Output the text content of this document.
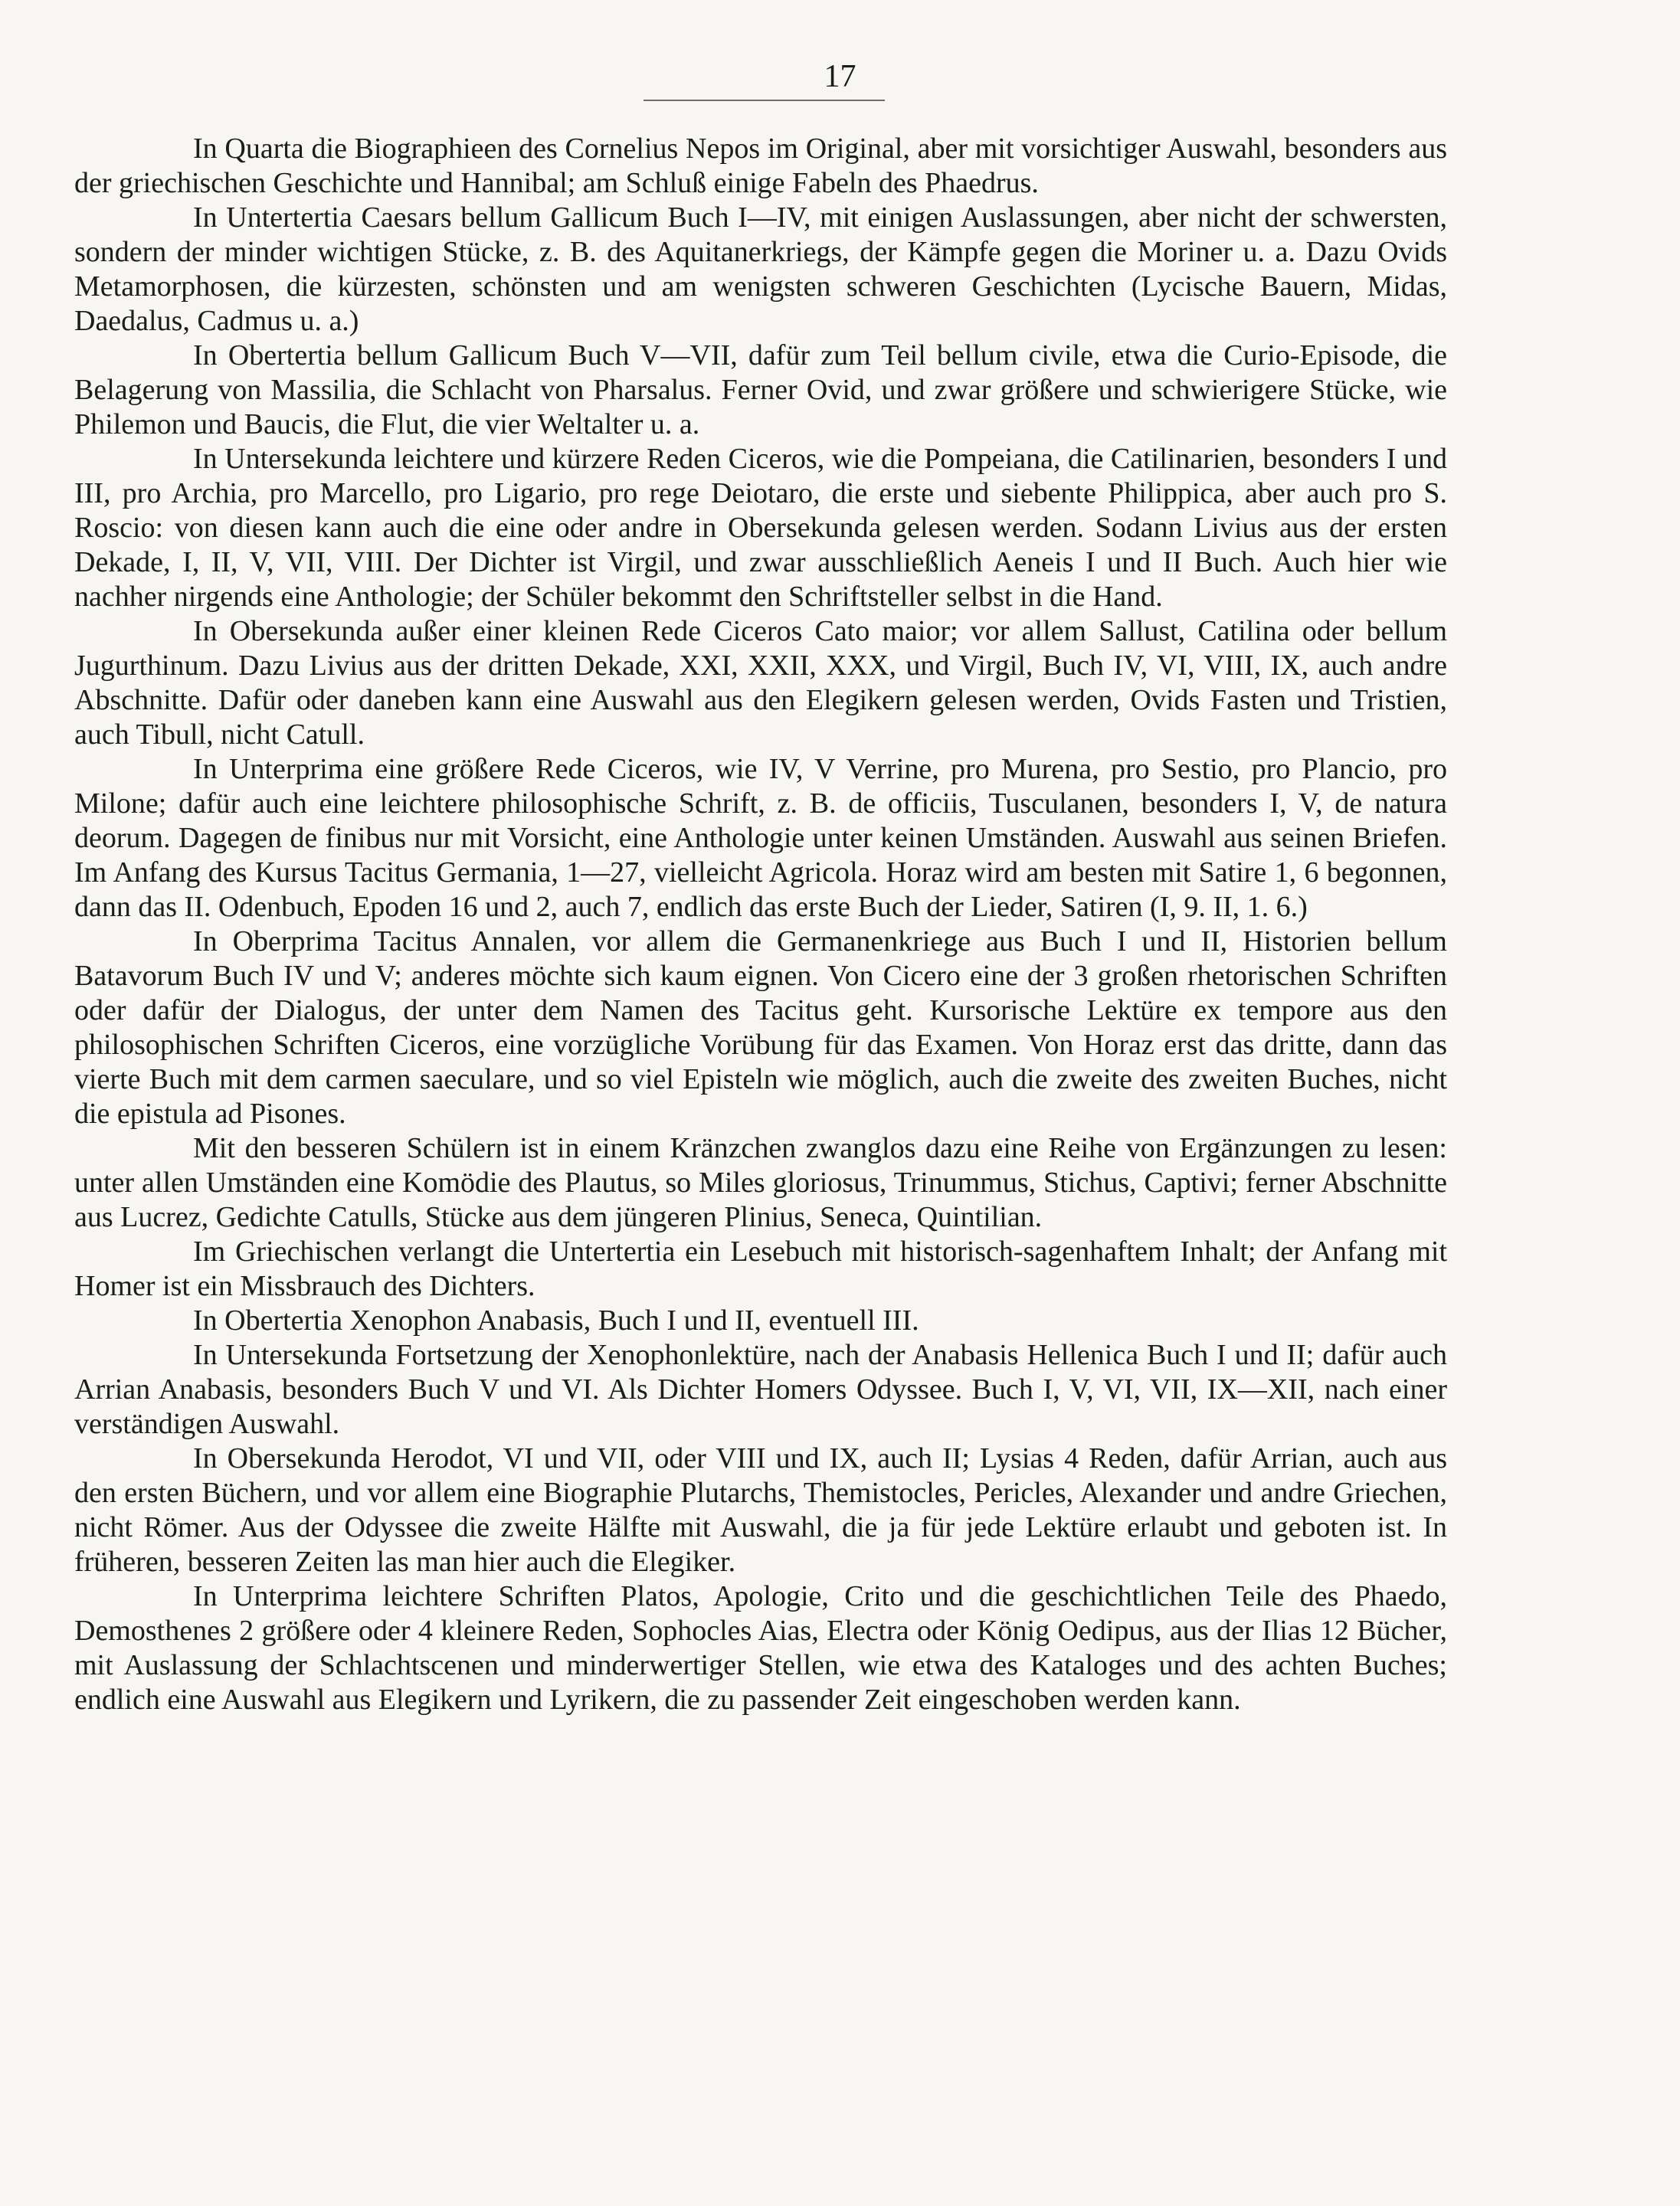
17

In Quarta die Biographieen des Cornelius Nepos im Original, aber mit vorsichtiger Auswahl, besonders aus der griechischen Geschichte und Hannibal; am Schluß einige Fabeln des Phaedrus.

In Untertertia Caesars bellum Gallicum Buch I—IV, mit einigen Auslassungen, aber nicht der schwersten, sondern der minder wichtigen Stücke, z. B. des Aquitanerkriegs, der Kämpfe gegen die Moriner u. a. Dazu Ovids Metamorphosen, die kürzesten, schönsten und am wenigsten schweren Geschichten (Lycische Bauern, Midas, Daedalus, Cadmus u. a.)

In Obertertia bellum Gallicum Buch V—VII, dafür zum Teil bellum civile, etwa die Curio-Episode, die Belagerung von Massilia, die Schlacht von Pharsalus. Ferner Ovid, und zwar größere und schwierigere Stücke, wie Philemon und Baucis, die Flut, die vier Weltalter u. a.

In Untersekunda leichtere und kürzere Reden Ciceros, wie die Pompeiana, die Catilinarien, besonders I und III, pro Archia, pro Marcello, pro Ligario, pro rege Deiotaro, die erste und siebente Philippica, aber auch pro S. Roscio: von diesen kann auch die eine oder andre in Obersekunda gelesen werden. Sodann Livius aus der ersten Dekade, I, II, V, VII, VIII. Der Dichter ist Virgil, und zwar ausschließlich Aeneis I und II Buch. Auch hier wie nachher nirgends eine Anthologie; der Schüler bekommt den Schriftsteller selbst in die Hand.

In Obersekunda außer einer kleinen Rede Ciceros Cato maior; vor allem Sallust, Catilina oder bellum Jugurthinum. Dazu Livius aus der dritten Dekade, XXI, XXII, XXX, und Virgil, Buch IV, VI, VIII, IX, auch andre Abschnitte. Dafür oder daneben kann eine Auswahl aus den Elegikern gelesen werden, Ovids Fasten und Tristien, auch Tibull, nicht Catull.

In Unterprima eine größere Rede Ciceros, wie IV, V Verrine, pro Murena, pro Sestio, pro Plancio, pro Milone; dafür auch eine leichtere philosophische Schrift, z. B. de officiis, Tusculanen, besonders I, V, de natura deorum. Dagegen de finibus nur mit Vorsicht, eine Anthologie unter keinen Umständen. Auswahl aus seinen Briefen. Im Anfang des Kursus Tacitus Germania, 1—27, vielleicht Agricola. Horaz wird am besten mit Satire 1, 6 begonnen, dann das II. Odenbuch, Epoden 16 und 2, auch 7, endlich das erste Buch der Lieder, Satiren (I, 9. II, 1. 6.)

In Oberprima Tacitus Annalen, vor allem die Germanenkriege aus Buch I und II, Historien bellum Batavorum Buch IV und V; anderes möchte sich kaum eignen. Von Cicero eine der 3 großen rhetorischen Schriften oder dafür der Dialogus, der unter dem Namen des Tacitus geht. Kursorische Lektüre ex tempore aus den philosophischen Schriften Ciceros, eine vorzügliche Vorübung für das Examen. Von Horaz erst das dritte, dann das vierte Buch mit dem carmen saeculare, und so viel Episteln wie möglich, auch die zweite des zweiten Buches, nicht die epistula ad Pisones.

Mit den besseren Schülern ist in einem Kränzchen zwanglos dazu eine Reihe von Ergänzungen zu lesen: unter allen Umständen eine Komödie des Plautus, so Miles gloriosus, Trinummus, Stichus, Captivi; ferner Abschnitte aus Lucrez, Gedichte Catulls, Stücke aus dem jüngeren Plinius, Seneca, Quintilian.

Im Griechischen verlangt die Untertertia ein Lesebuch mit historisch-sagenhaftem Inhalt; der Anfang mit Homer ist ein Missbrauch des Dichters.

In Obertertia Xenophon Anabasis, Buch I und II, eventuell III.

In Untersekunda Fortsetzung der Xenophonlektüre, nach der Anabasis Hellenica Buch I und II; dafür auch Arrian Anabasis, besonders Buch V und VI. Als Dichter Homers Odyssee. Buch I, V, VI, VII, IX—XII, nach einer verständigen Auswahl.

In Obersekunda Herodot, VI und VII, oder VIII und IX, auch II; Lysias 4 Reden, dafür Arrian, auch aus den ersten Büchern, und vor allem eine Biographie Plutarchs, Themistocles, Pericles, Alexander und andre Griechen, nicht Römer. Aus der Odyssee die zweite Hälfte mit Auswahl, die ja für jede Lektüre erlaubt und geboten ist. In früheren, besseren Zeiten las man hier auch die Elegiker.

In Unterprima leichtere Schriften Platos, Apologie, Crito und die geschichtlichen Teile des Phaedo, Demosthenes 2 größere oder 4 kleinere Reden, Sophocles Aias, Electra oder König Oedipus, aus der Ilias 12 Bücher, mit Auslassung der Schlachtscenen und minderwertiger Stellen, wie etwa des Kataloges und des achten Buches; endlich eine Auswahl aus Elegikern und Lyrikern, die zu passender Zeit eingeschoben werden kann.
